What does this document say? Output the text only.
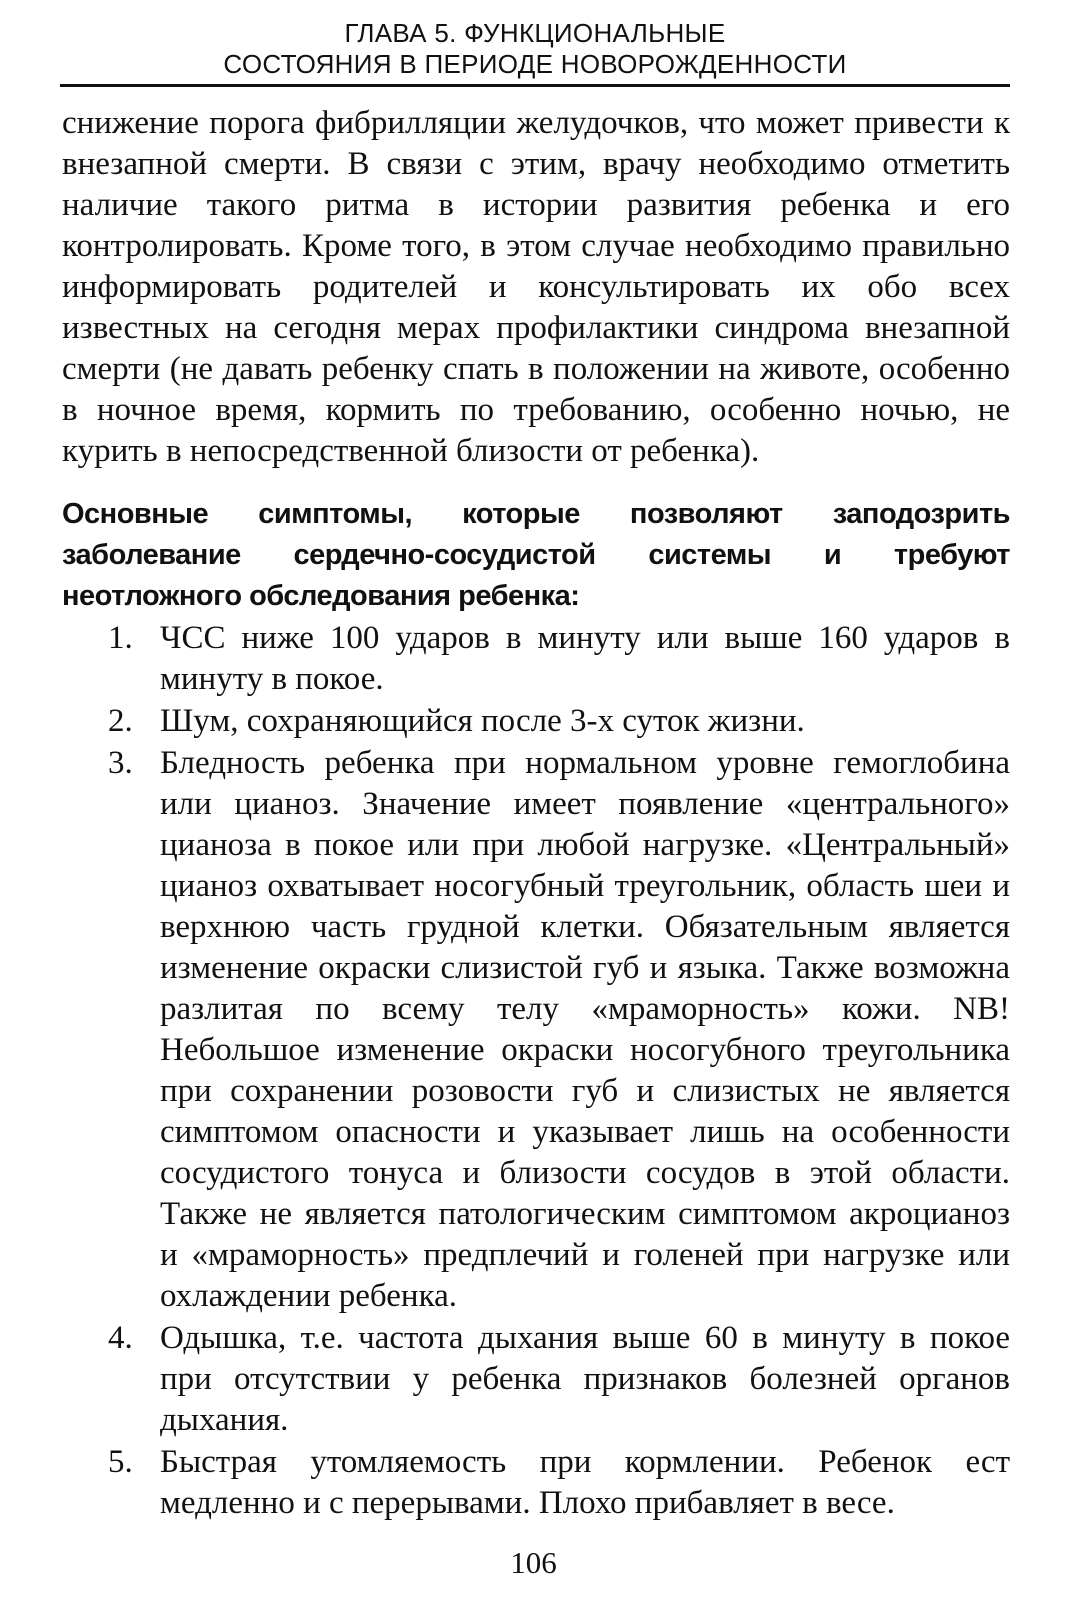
ГЛАВА 5. ФУНКЦИОНАЛЬНЫЕ
СОСТОЯНИЯ В ПЕРИОДЕ НОВОРОЖДЕННОСТИ

снижение порога фибрилляции желудочков, что может привести к внезапной смерти. В связи с этим, врачу необходимо отметить наличие такого ритма в истории развития ребенка и его контролировать. Кроме того, в этом случае необходимо правильно информировать родителей и консультировать их обо всех известных на сегодня мерах профилактики синдрома внезапной смерти (не давать ребенку спать в положении на животе, особенно в ночное время, кормить по требованию, особенно ночью, не курить в непосредственной близости от ребенка).

Основные симптомы, которые позволяют заподозрить заболевание сердечно-сосудистой системы и требуют неотложного обследования ребенка:

1. ЧСС ниже 100 ударов в минуту или выше 160 ударов в минуту в покое.
2. Шум, сохраняющийся после 3-х суток жизни.
3. Бледность ребенка при нормальном уровне гемоглобина или цианоз. Значение имеет появление «центрального» цианоза в покое или при любой нагрузке. «Центральный» цианоз охватывает носогубный треугольник, область шеи и верхнюю часть грудной клетки. Обязательным является изменение окраски слизистой губ и языка. Также возможна разлитая по всему телу «мраморность» кожи. NB! Небольшое изменение окраски носогубного треугольника при сохранении розовости губ и слизистых не является симптомом опасности и указывает лишь на особенности сосудистого тонуса и близости сосудов в этой области. Также не является патологическим симптомом акроцианоз и «мраморность» предплечий и голеней при нагрузке или охлаждении ребенка.
4. Одышка, т.е. частота дыхания выше 60 в минуту в покое при отсутствии у ребенка признаков болезней органов дыхания.
5. Быстрая утомляемость при кормлении. Ребенок ест медленно и с перерывами. Плохо прибавляет в весе.
106
